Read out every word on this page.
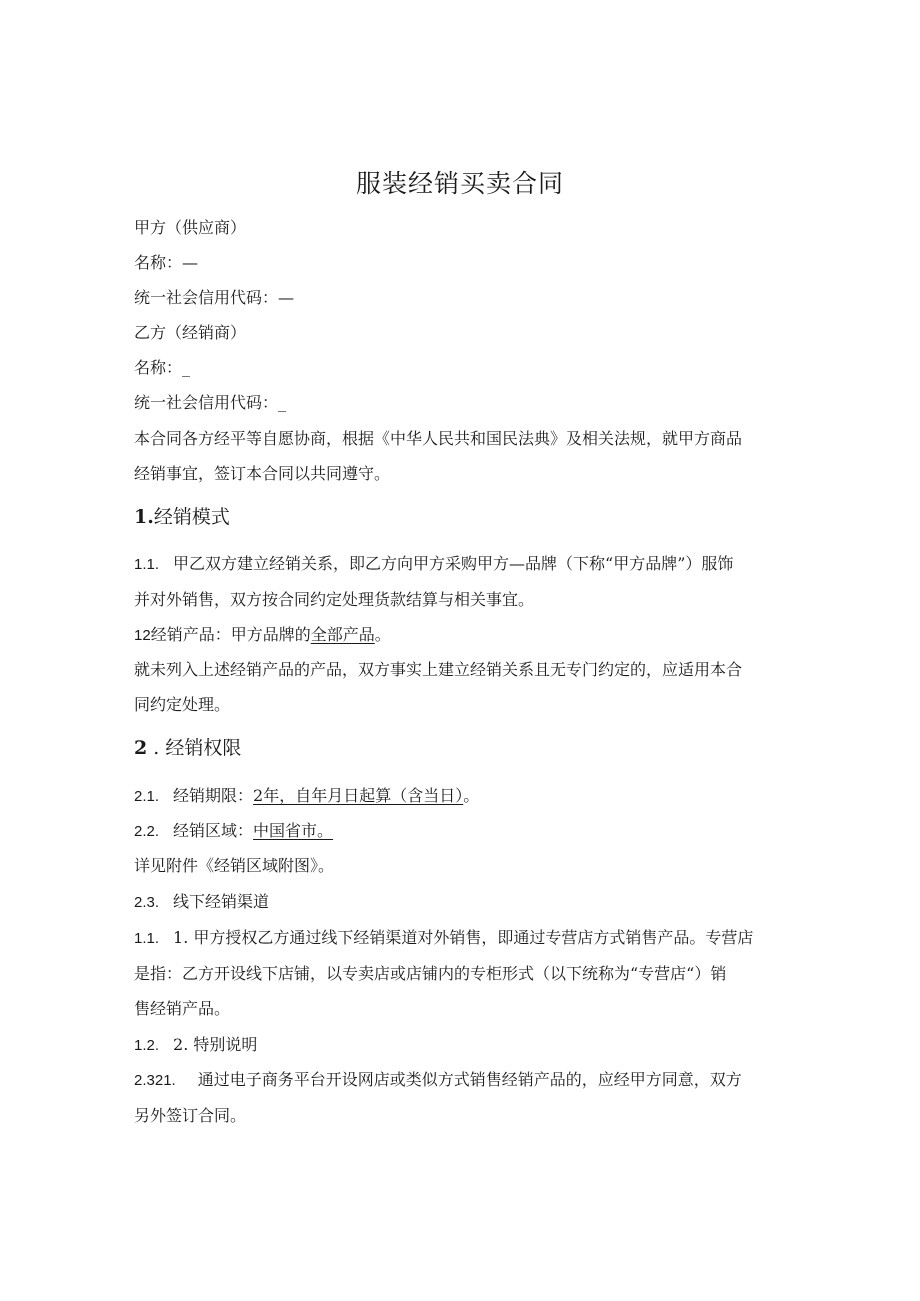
服装经销买卖合同
甲方（供应商）
名称：—
统一社会信用代码：—
乙方（经销商）
名称：_
统一社会信用代码：_
本合同各方经平等自愿协商，根据《中华人民共和国民法典》及相关法规，就甲方商品
经销事宜，签订本合同以共同遵守。
1.经销模式
1.1. 甲乙双方建立经销关系，即乙方向甲方采购甲方—品牌（下称“甲方品牌”）服饰
并对外销售，双方按合同约定处理货款结算与相关事宜。
12经销产品：甲方品牌的全部产品。
就未列入上述经销产品的产品，双方事实上建立经销关系且无专门约定的，应适用本合
同约定处理。
2 . 经销权限
2.1. 经销期限：2年，自年月日起算（含当日）。
2.2. 经销区域：中国省市。
详见附件《经销区域附图》。
2.3. 线下经销渠道
1.1. 1. 甲方授权乙方通过线下经销渠道对外销售，即通过专营店方式销售产品。专营店
是指：乙方开设线下店铺，以专卖店或店铺内的专柜形式（以下统称为“专营店“）销
售经销产品。
1.2. 2. 特别说明
2.321. 通过电子商务平台开设网店或类似方式销售经销产品的，应经甲方同意，双方
另外签订合同。
